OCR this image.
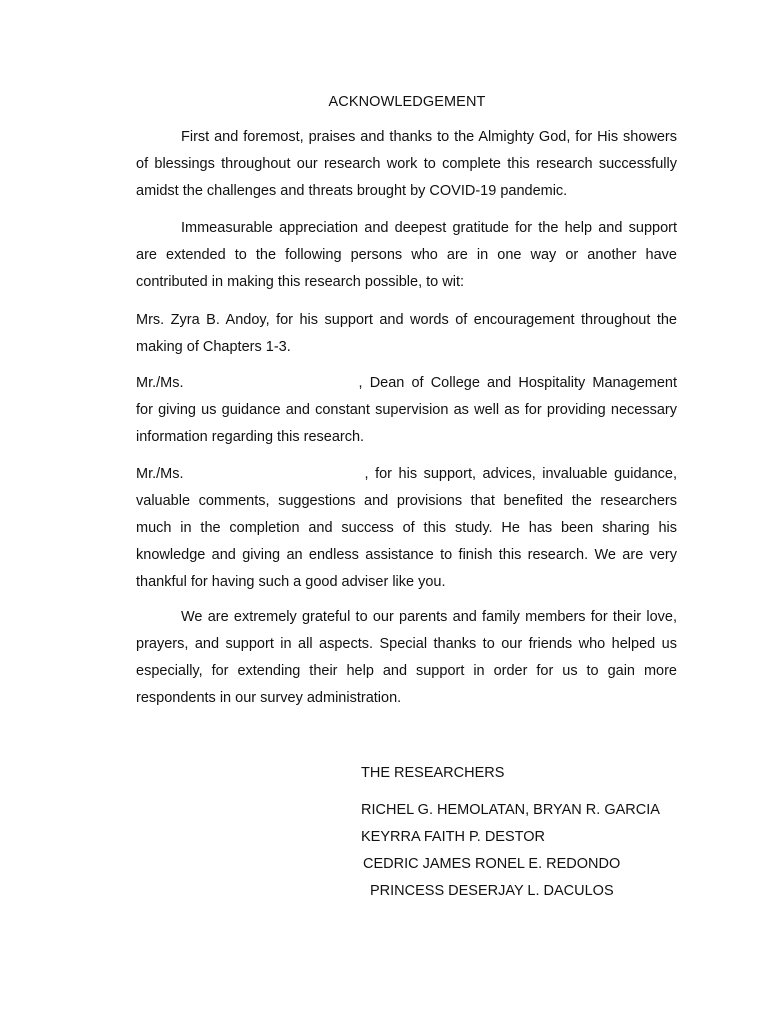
ACKNOWLEDGEMENT

First and foremost, praises and thanks to the Almighty God, for His showers of blessings throughout our research work to complete this research successfully amidst the challenges and threats brought by COVID-19 pandemic.

Immeasurable appreciation and deepest gratitude for the help and support are extended to the following persons who are in one way or another have contributed in making this research possible, to wit:

Mrs. Zyra B. Andoy, for his support and words of encouragement throughout the making of Chapters 1-3.

Mr./Ms.	, Dean of College and Hospitality Management for giving us guidance and constant supervision as well as for providing necessary information regarding this research.

Mr./Ms.	, for his support, advices, invaluable guidance, valuable comments, suggestions and provisions that benefited the researchers much in the completion and success of this study. He has been sharing his knowledge and giving an endless assistance to finish this research. We are very thankful for having such a good adviser like you.

We are extremely grateful to our parents and family members for their love, prayers, and support in all aspects. Special thanks to our friends who helped us especially, for extending their help and support in order for us to gain more respondents in our survey administration.

THE RESEARCHERS
RICHEL G. HEMOLATAN, BRYAN R. GARCIA
KEYRRA FAITH P. DESTOR
CEDRIC JAMES RONEL E. REDONDO
PRINCESS DESERJAY L. DACULOS
